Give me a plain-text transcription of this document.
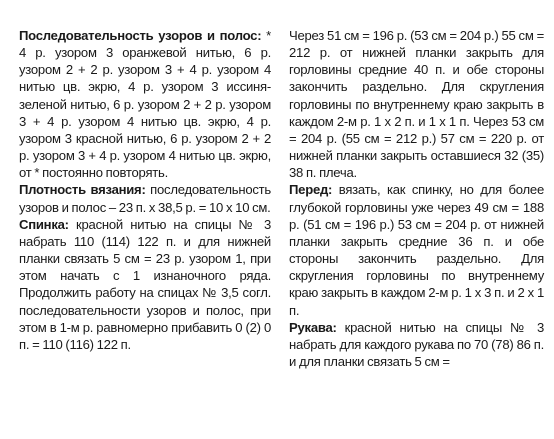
Последовательность узоров и полос: * 4 р. узором 3 оранжевой нитью, 6 р. узором 2 + 2 р. узором 3 + 4 р. узором 4 нитью цв. экрю, 4 р. узором 3 иссиня-зеленой нитью, 6 р. узором 2 + 2 р. узором 3 + 4 р. узором 4 нитью цв. экрю, 4 р. узором 3 красной нитью, 6 р. узором 2 + 2 р. узором 3 + 4 р. узором 4 нитью цв. экрю, от * постоянно повторять.

Плотность вязания: последовательность узоров и полос – 23 п. х 38,5 р. = 10 х 10 см.

Спинка: красной нитью на спицы № 3 набрать 110 (114) 122 п. и для нижней планки связать 5 см = 23 р. узором 1, при этом начать с 1 изнаночного ряда. Продолжить работу на спицах № 3,5 согл. последовательности узоров и полос, при этом в 1-м р. равномерно прибавить 0 (2) 0 п. = 110 (116) 122 п.

Через 51 см = 196 р. (53 см = 204 р.) 55 см = 212 р. от нижней планки закрыть для горловины средние 40 п. и обе стороны закончить раздельно. Для скругления горловины по внутреннему краю закрыть в каждом 2-м р. 1 х 2 п. и 1 х 1 п. Через 53 см = 204 р. (55 см = 212 р.) 57 см = 220 р. от нижней планки закрыть оставшиеся 32 (35) 38 п. плеча.

Перед: вязать, как спинку, но для более глубокой горловины уже через 49 см = 188 р. (51 см = 196 р.) 53 см = 204 р. от нижней планки закрыть средние 36 п. и обе стороны закончить раздельно. Для скругления горловины по внутреннему краю закрыть в каждом 2-м р. 1 х 3 п. и 2 х 1 п.

Рукава: красной нитью на спицы № 3 набрать для каждого рукава по 70 (78) 86 п. и для планки связать 5 см =
